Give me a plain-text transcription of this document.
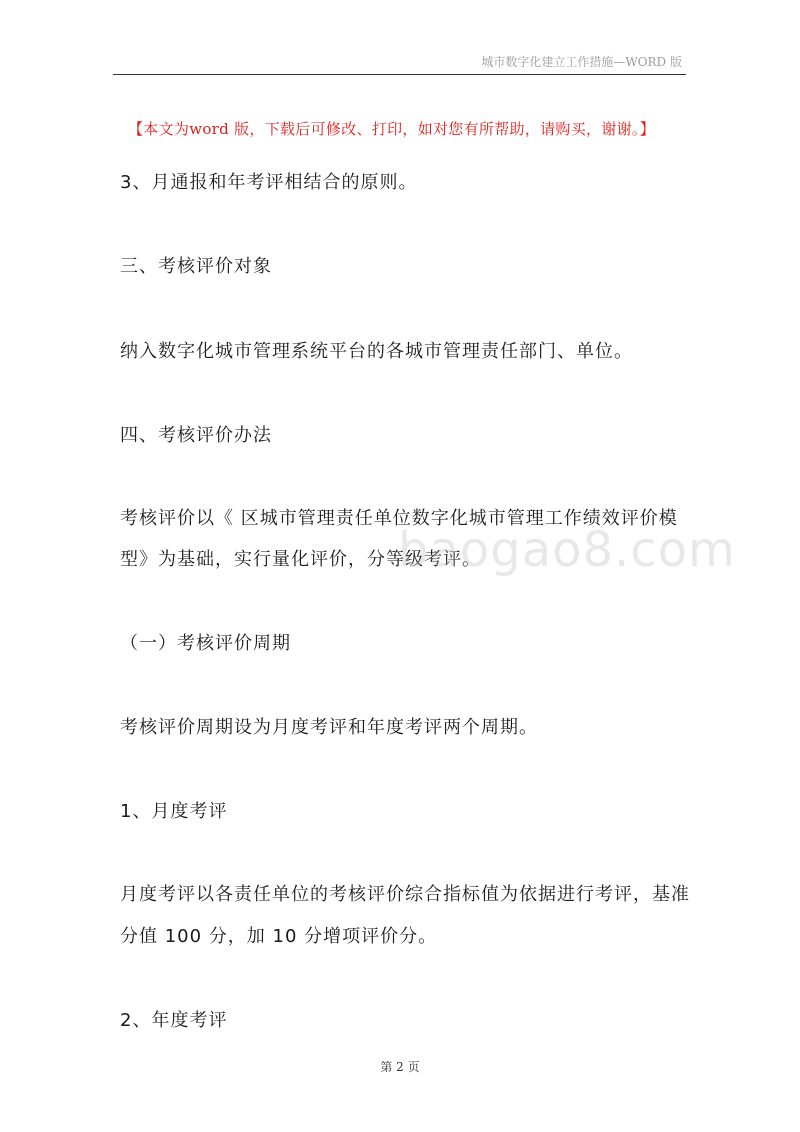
城市数字化建立工作措施—WORD 版
【本文为word 版，下载后可修改、打印，如对您有所帮助，请购买，谢谢。】
3、月通报和年考评相结合的原则。
三、考核评价对象
纳入数字化城市管理系统平台的各城市管理责任部门、单位。
四、考核评价办法
考核评价以《 区城市管理责任单位数字化城市管理工作绩效评价模
型》为基础，实行量化评价，分等级考评。
（一）考核评价周期
考核评价周期设为月度考评和年度考评两个周期。
1、月度考评
月度考评以各责任单位的考核评价综合指标值为依据进行考评，基准
分值 100 分，加 10 分增项评价分。
2、年度考评
baogao8.com
第 2 页
